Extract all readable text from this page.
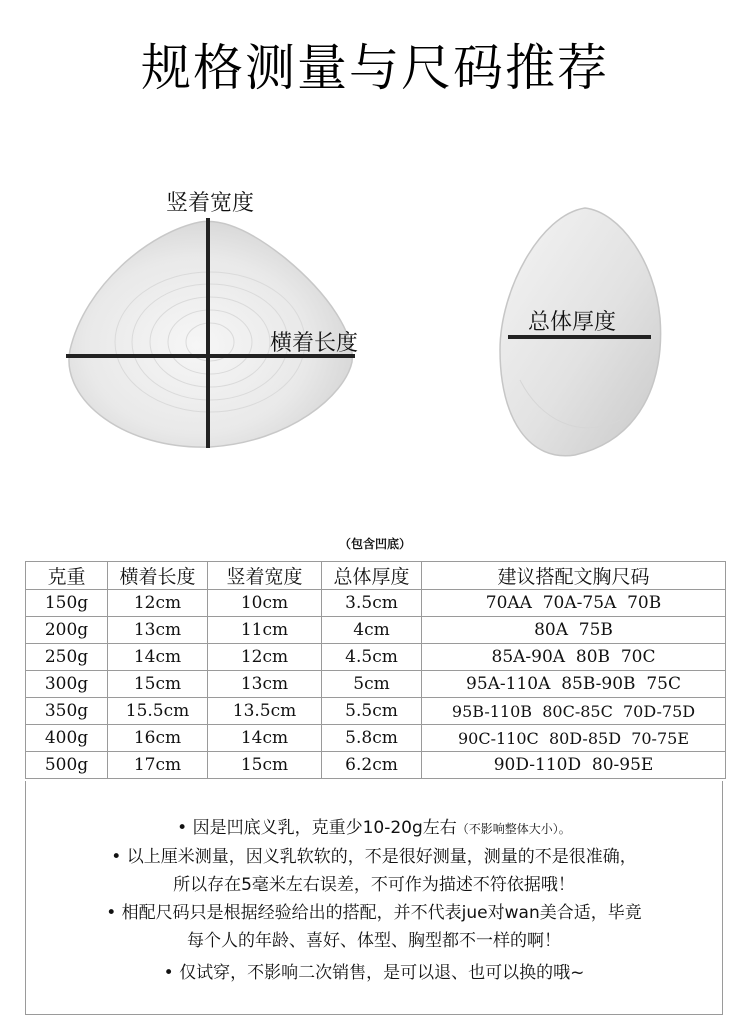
规格测量与尺码推荐
竖着宽度
横着长度
总体厚度
（包含凹底）
克重	横着长度	竖着宽度	总体厚度	建议搭配文胸尺码
150g	12cm	10cm	3.5cm	70AA  70A-75A  70B
200g	13cm	11cm	4cm	80A  75B
250g	14cm	12cm	4.5cm	85A-90A  80B  70C
300g	15cm	13cm	5cm	95A-110A  85B-90B  75C
350g	15.5cm	13.5cm	5.5cm	95B-110B  80C-85C  70D-75D
400g	16cm	14cm	5.8cm	90C-110C  80D-85D  70-75E
500g	17cm	15cm	6.2cm	90D-110D  80-95E

• 因是凹底义乳，克重少10-20g左右（不影响整体大小）。

• 以上厘米测量，因义乳软软的，不是很好测量，测量的不是很准确，

所以存在5毫米左右误差，不可作为描述不符依据哦！

• 相配尺码只是根据经验给出的搭配，并不代表jue对wan美合适，毕竟

每个人的年龄、喜好、体型、胸型都不一样的啊！

• 仅试穿，不影响二次销售，是可以退、也可以换的哦~
